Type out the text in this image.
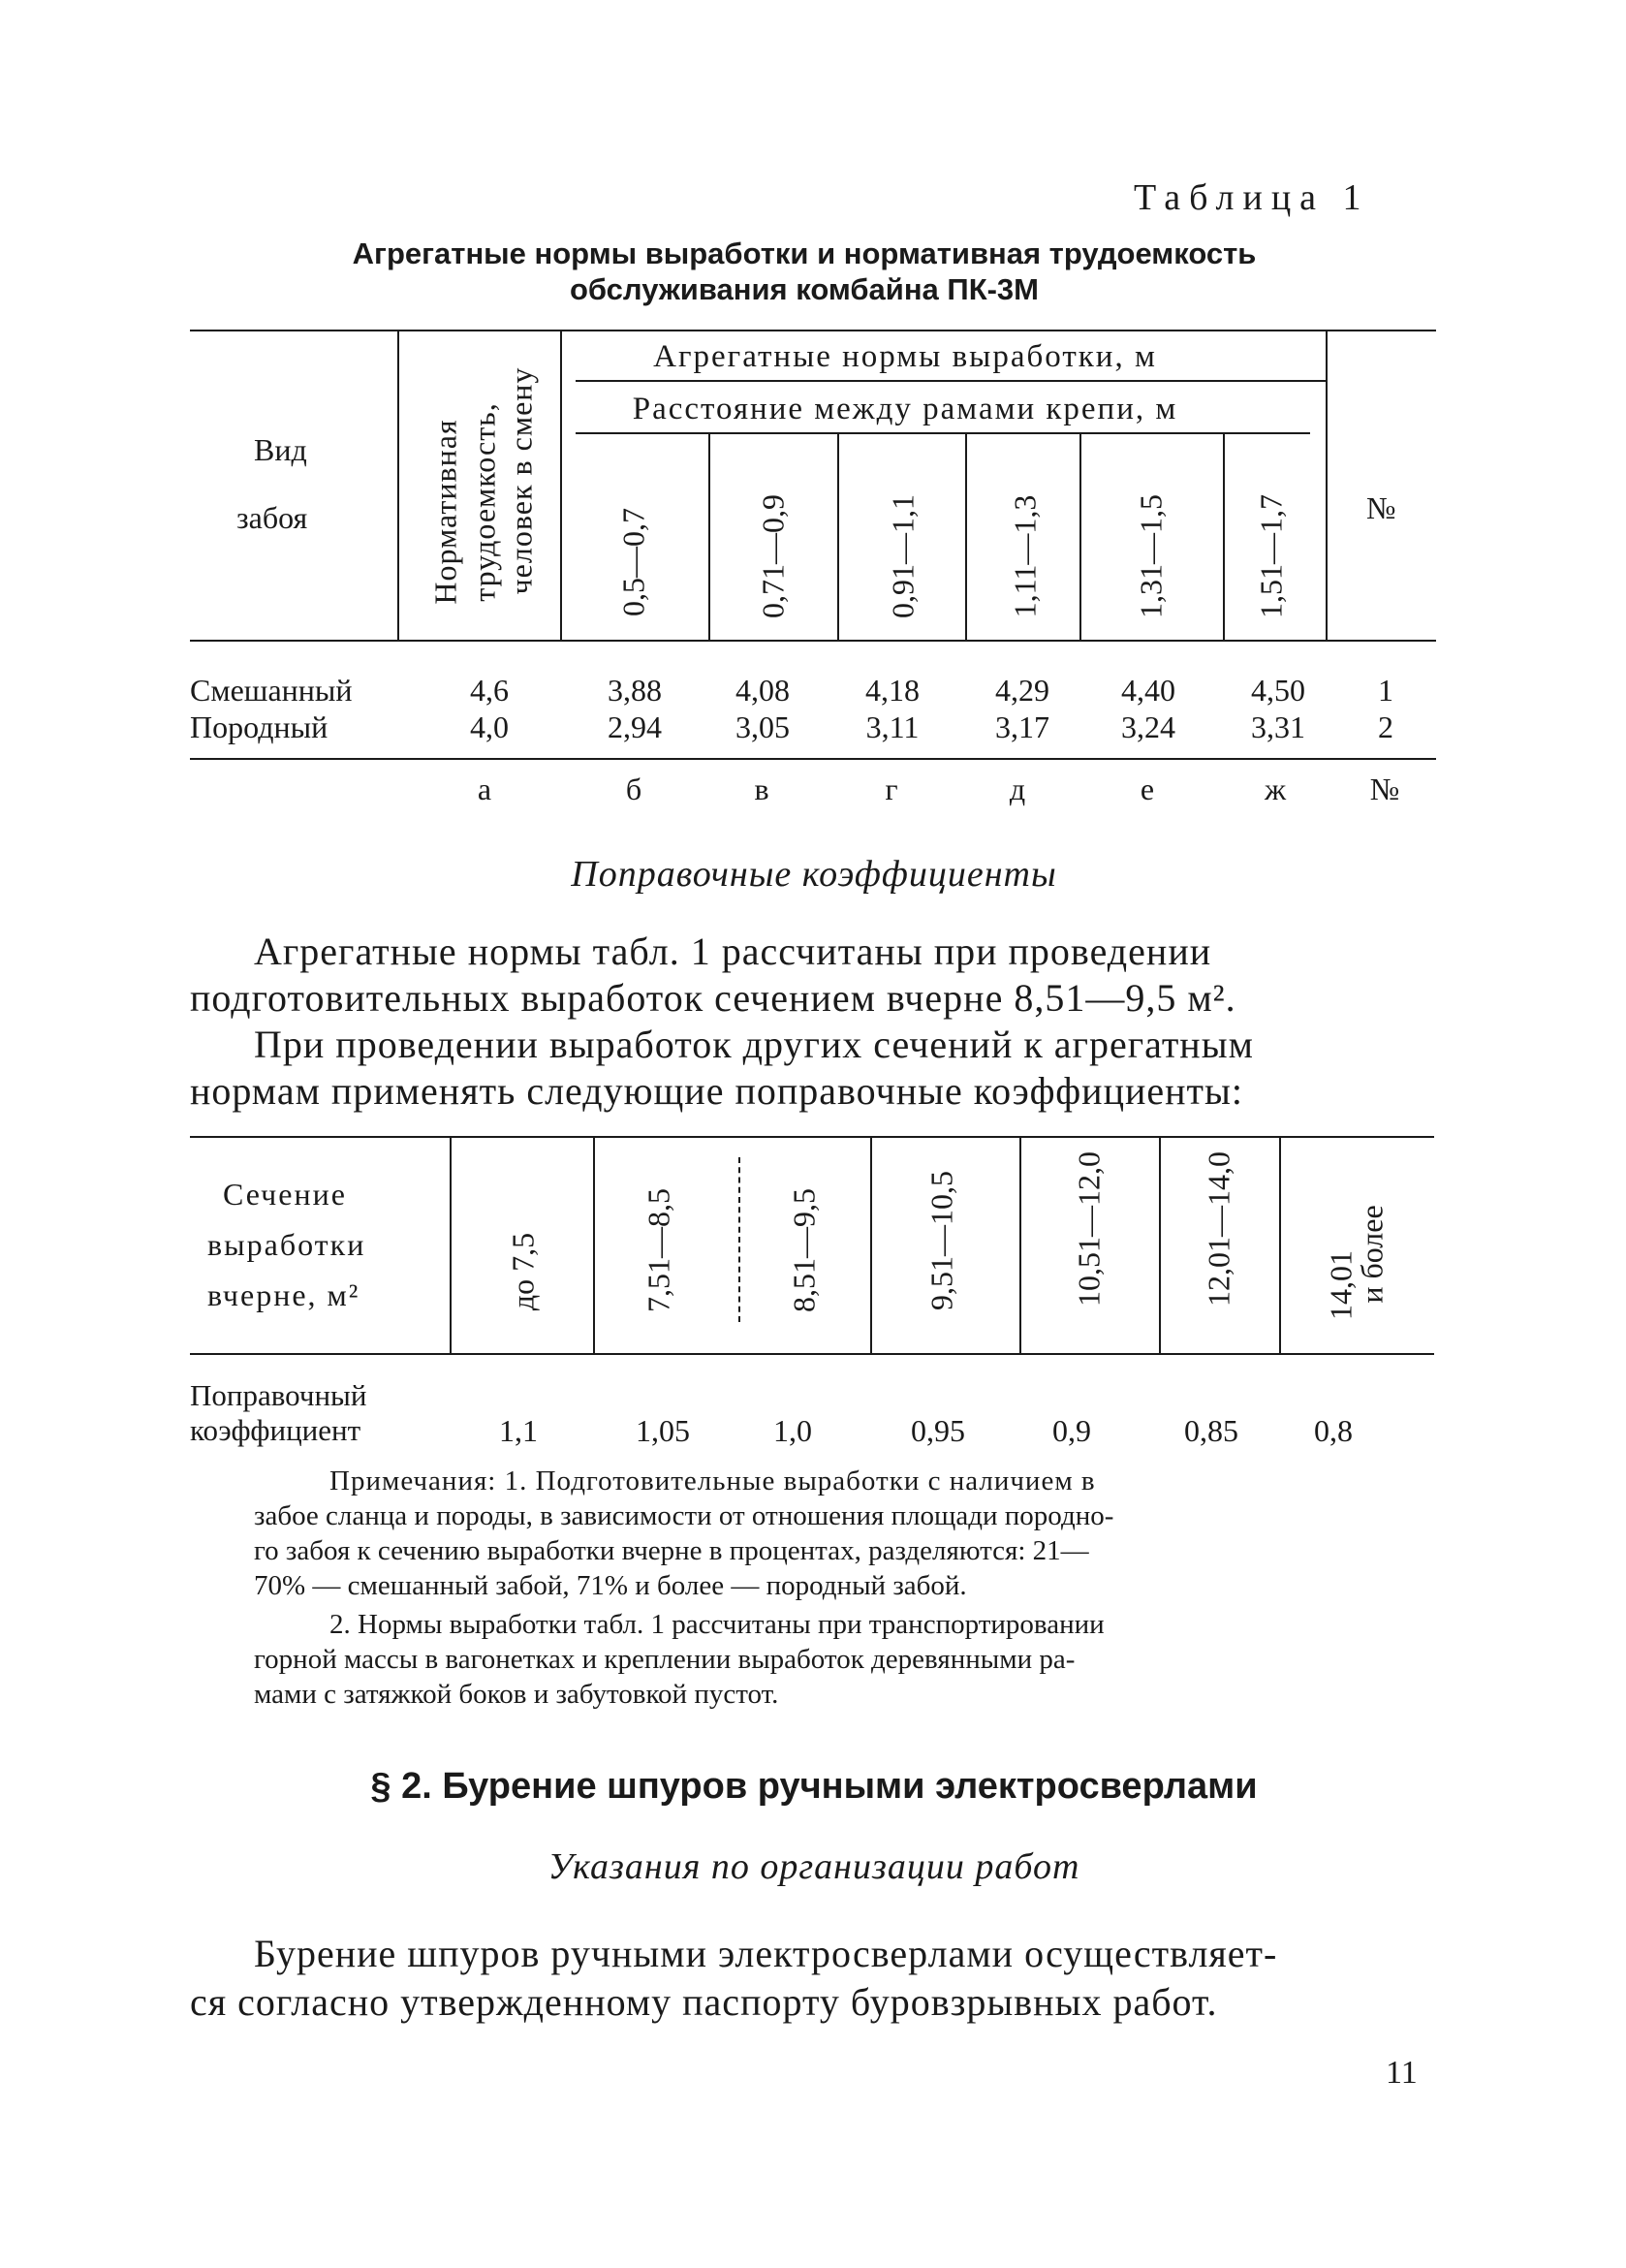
Таблица 1
Агрегатные нормы выработки и нормативная трудоемкость
обслуживания комбайна ПК-3М
Вид
забоя	Нормативная трудоемкость, человек в смену
Агрегатные нормы выработки, м
Расстояние между рамами крепи, м
0,5—0,7	0,71—0,9	0,91—1,1	1,11—1,3	1,31—1,5	1,51—1,7	№
Смешанный	4,6	3,88	4,08	4,18	4,29	4,40	4,50	1
Породный	4,0	2,94	3,05	3,11	3,17	3,24	3,31	2
а	б	в	г	д	е	ж	№
Поправочные коэффициенты
Агрегатные нормы табл. 1 рассчитаны при проведении
подготовительных выработок сечением вчерне 8,51—9,5 м².
При проведении выработок других сечений к агрегатным
нормам применять следующие поправочные коэффициенты:
Сечение
выработки
вчерне, м²	до 7,5	7,51—8,5	8,51—9,5	9,51—10,5	10,51—12,0	12,01—14,0	14,01
и более
Поправочный
коэффициент	1,1	1,05	1,0	0,95	0,9	0,85	0,8
Примечания: 1. Подготовительные выработки с наличием в
забое сланца и породы, в зависимости от отношения площади породно-
го забоя к сечению выработки вчерне в процентах, разделяются: 21—
70% — смешанный забой, 71% и более — породный забой.
2. Нормы выработки табл. 1 рассчитаны при транспортировании
горной массы в вагонетках и креплении выработок деревянными ра-
мами с затяжкой боков и забутовкой пустот.
§ 2. Бурение шпуров ручными электросверлами
Указания по организации работ
Бурение шпуров ручными электросверлами осуществляет-
ся согласно утвержденному паспорту буровзрывных работ.
11
